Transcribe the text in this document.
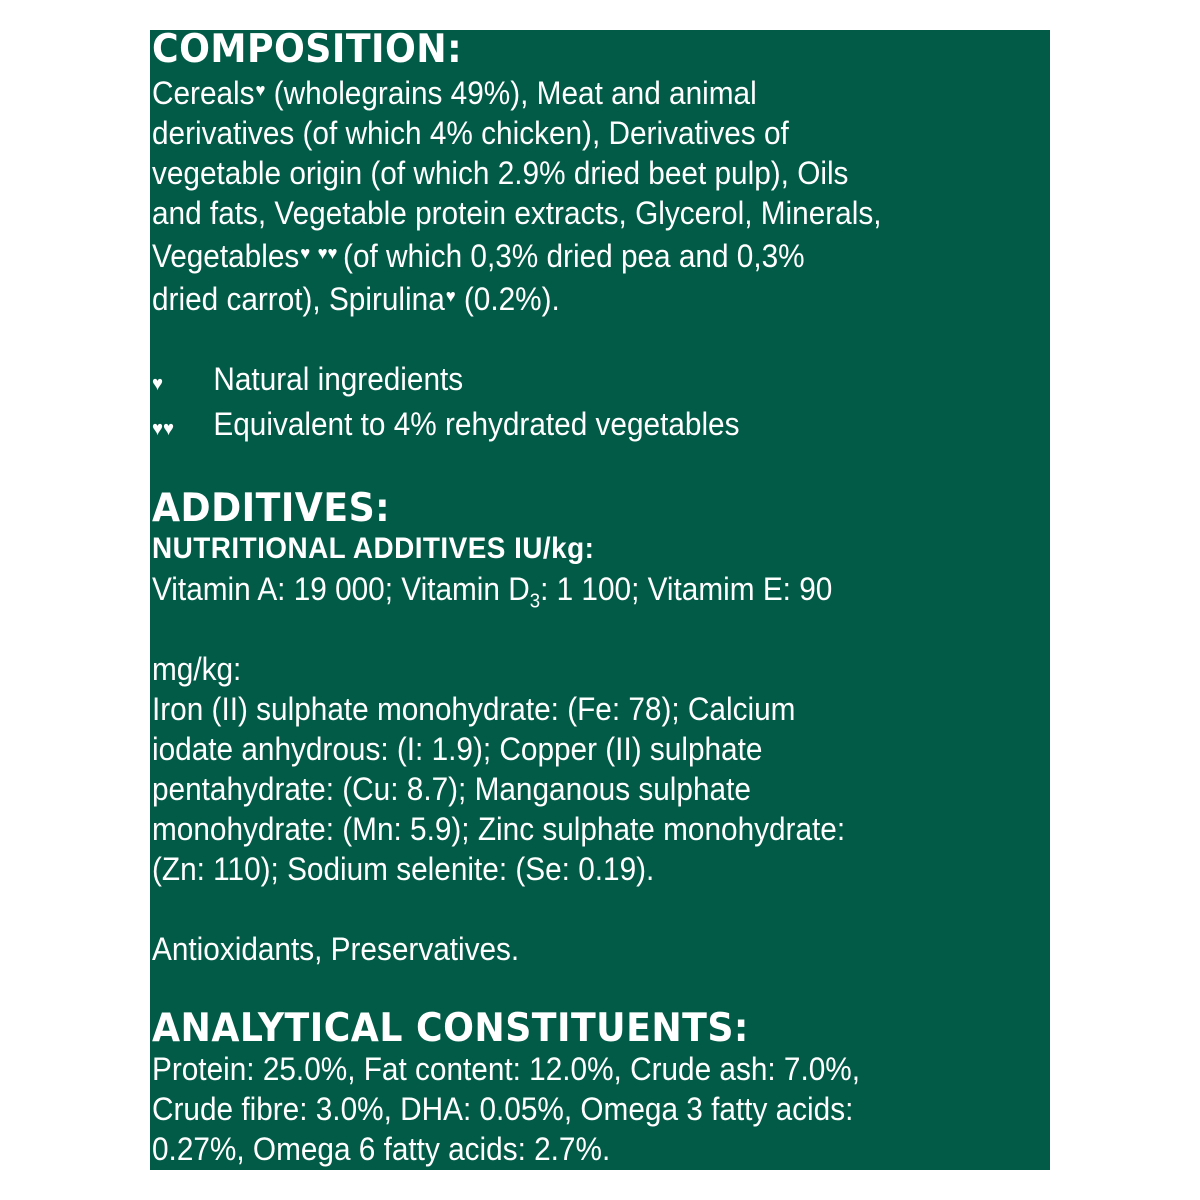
COMPOSITION:
Cereals♥ (wholegrains 49%), Meat and animal
derivatives (of which 4% chicken), Derivatives of
vegetable origin (of which 2.9% dried beet pulp), Oils
and fats, Vegetable protein extracts, Glycerol, Minerals,
Vegetables♥ ♥♥ (of which 0,3% dried pea and 0,3%
dried carrot), Spirulina♥ (0.2%).
♥	Natural ingredients
♥♥	Equivalent to 4% rehydrated vegetables
ADDITIVES:
NUTRITIONAL ADDITIVES IU/kg:
Vitamin A: 19 000; Vitamin $D_3$: 1 100; Vitamim E: 90
mg/kg:
Iron (II) sulphate monohydrate: (Fe: 78); Calcium
iodate anhydrous: (I: 1.9); Copper (II) sulphate
pentahydrate: (Cu: 8.7); Manganous sulphate
monohydrate: (Mn: 5.9); Zinc sulphate monohydrate:
(Zn: 110); Sodium selenite: (Se: 0.19).
Antioxidants, Preservatives.
ANALYTICAL CONSTITUENTS:
Protein: 25.0%, Fat content: 12.0%, Crude ash: 7.0%,
Crude fibre: 3.0%, DHA: 0.05%, Omega 3 fatty acids:
0.27%, Omega 6 fatty acids: 2.7%.
